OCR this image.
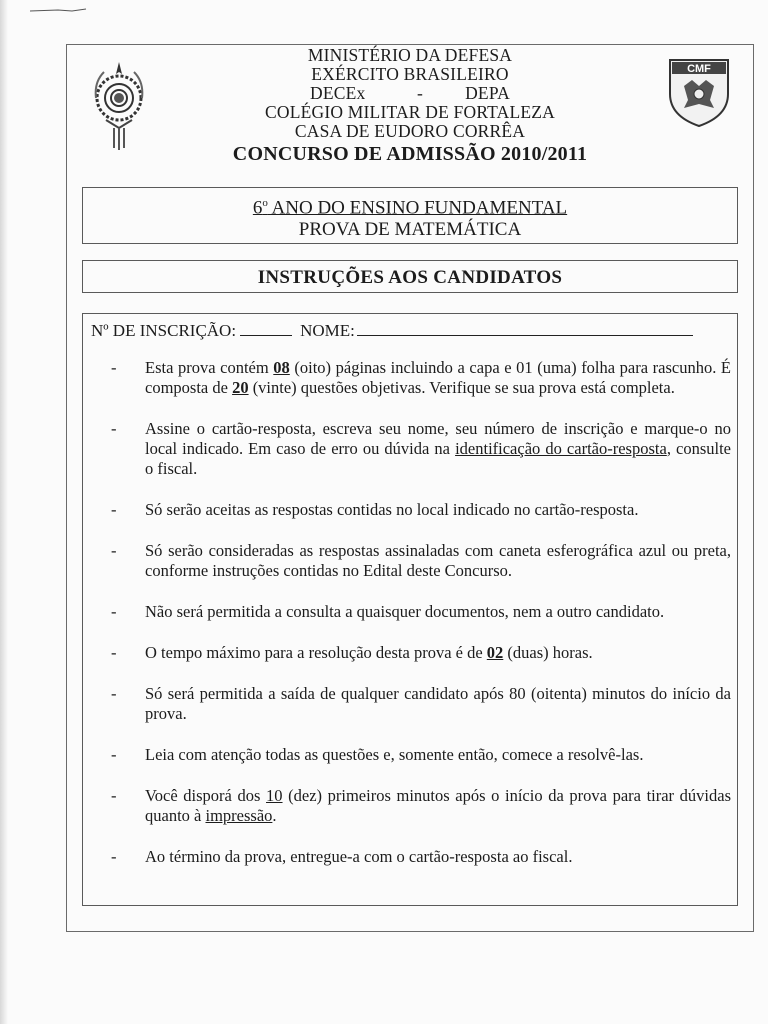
CMF
MINISTÉRIO DA DEFESA
EXÉRCITO BRASILEIRO
DECEx	-	DEPA
COLÉGIO MILITAR DE FORTALEZA
CASA DE EUDORO CORRÊA
CONCURSO DE ADMISSÃO 2010/2011
6$^o$ ANO DO ENSINO FUNDAMENTAL
PROVA DE MATEMÁTICA
INSTRUÇÕES AOS CANDIDATOS
Nº DE INSCRIÇÃO:	NOME:
-	Esta prova contém 08 (oito) páginas incluindo a capa e 01 (uma) folha para rascunho. É composta de 20 (vinte) questões objetivas. Verifique se sua prova está completa.
-	Assine o cartão-resposta, escreva seu nome, seu número de inscrição e marque-o no local indicado. Em caso de erro ou dúvida na identificação do cartão-resposta, consulte o fiscal.
-	Só serão aceitas as respostas contidas no local indicado no cartão-resposta.
-	Só serão consideradas as respostas assinaladas com caneta esferográfica azul ou preta, conforme instruções contidas no Edital deste Concurso.
-	Não será permitida a consulta a quaisquer documentos, nem a outro candidato.
-	O tempo máximo para a resolução desta prova é de 02 (duas) horas.
-	Só será permitida a saída de qualquer candidato após 80 (oitenta) minutos do início da prova.
-	Leia com atenção todas as questões e, somente então, comece a resolvê-las.
-	Você disporá dos 10 (dez) primeiros minutos após o início da prova para tirar dúvidas quanto à impressão.
-	Ao término da prova, entregue-a com o cartão-resposta ao fiscal.
